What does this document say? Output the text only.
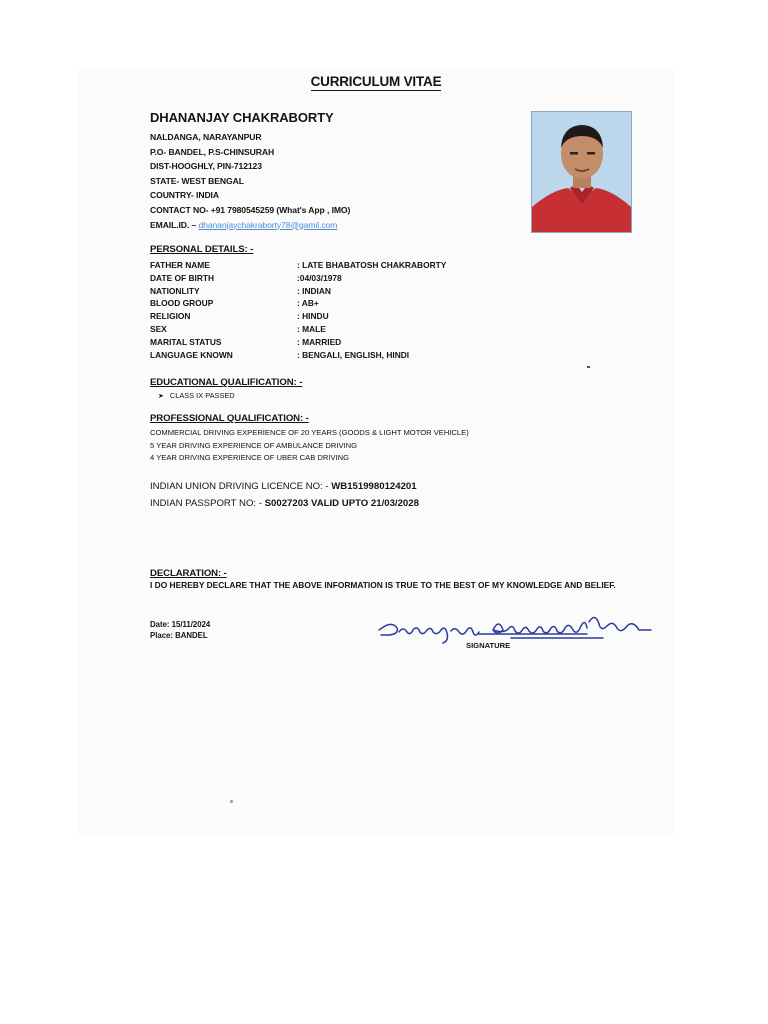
CURRICULUM VITAE
DHANANJAY CHAKRABORTY
NALDANGA, NARAYANPUR
P.O- BANDEL, P.S-CHINSURAH
DIST-HOOGHLY, PIN-712123
STATE- WEST BENGAL
COUNTRY- INDIA
CONTACT NO- +91 7980545259 (What's App , IMO)
EMAIL.ID. – dhananjaychakraborty78@gamil.com
PERSONAL DETAILS: -
FATHER NAME	: LATE BHABATOSH CHAKRABORTY
DATE OF BIRTH	:04/03/1978
NATIONLITY	: INDIAN
BLOOD GROUP	: AB+
RELIGION	: HINDU
SEX	: MALE
MARITAL STATUS	: MARRIED
LANGUAGE KNOWN	: BENGALI, ENGLISH, HINDI
EDUCATIONAL QUALIFICATION: -
➤ CLASS IX PASSED
PROFESSIONAL QUALIFICATION: -
COMMERCIAL DRIVING EXPERIENCE OF 20 YEARS (GOODS & LIGHT MOTOR VEHICLE)
5 YEAR DRIVING EXPERIENCE OF AMBULANCE DRIVING
4 YEAR DRIVING EXPERIENCE OF UBER CAB DRIVING
INDIAN UNION DRIVING LICENCE NO: - WB1519980124201
INDIAN PASSPORT NO: - S0027203 VALID UPTO 21/03/2028
DECLARATION: -
I DO HEREBY DECLARE THAT THE ABOVE INFORMATION IS TRUE TO THE BEST OF MY KNOWLEDGE AND BELIEF.
Date: 15/11/2024
Place: BANDEL
SIGNATURE
